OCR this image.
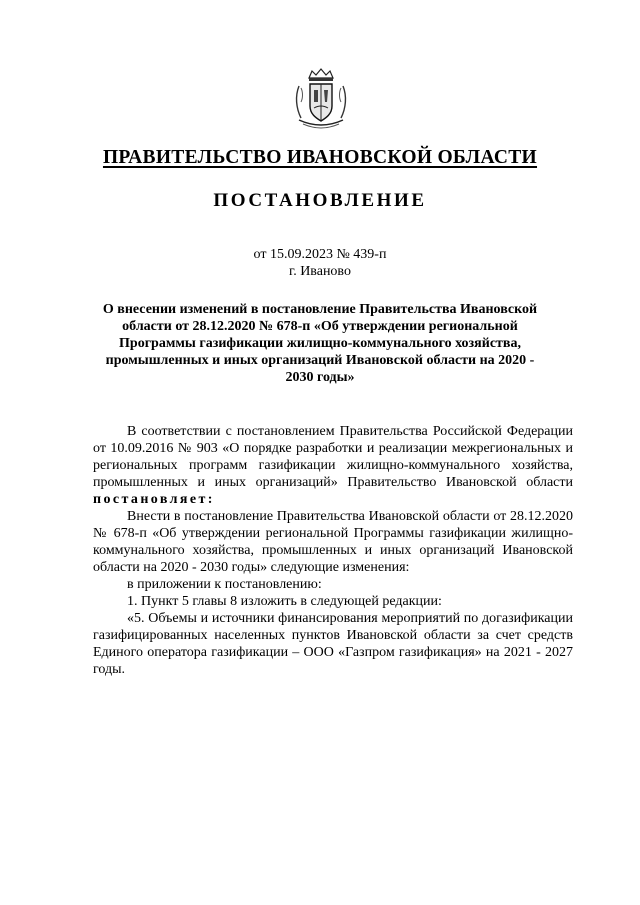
ПРАВИТЕЛЬСТВО ИВАНОВСКОЙ ОБЛАСТИ
ПОСТАНОВЛЕНИЕ
от 15.09.2023 № 439-п
г. Иваново
О внесении изменений в постановление Правительства Ивановской области от 28.12.2020 № 678-п «Об утверждении региональной Программы газификации жилищно-коммунального хозяйства, промышленных и иных организаций Ивановской области на 2020 - 2030 годы»

В соответствии с постановлением Правительства Российской Федерации от 10.09.2016 № 903 «О порядке разработки и реализации межрегиональных и региональных программ газификации жилищно-коммунального хозяйства, промышленных и иных организаций» Правительство Ивановской области постановляет:

Внести в постановление Правительства Ивановской области от 28.12.2020 № 678-п «Об утверждении региональной Программы газификации жилищно-коммунального хозяйства, промышленных и иных организаций Ивановской области на 2020 - 2030 годы» следующие изменения:

в приложении к постановлению:

1. Пункт 5 главы 8 изложить в следующей редакции:

«5. Объемы и источники финансирования мероприятий по догазификации газифицированных населенных пунктов Ивановской области за счет средств Единого оператора газификации – ООО «Газпром газификация» на 2021 - 2027 годы.
